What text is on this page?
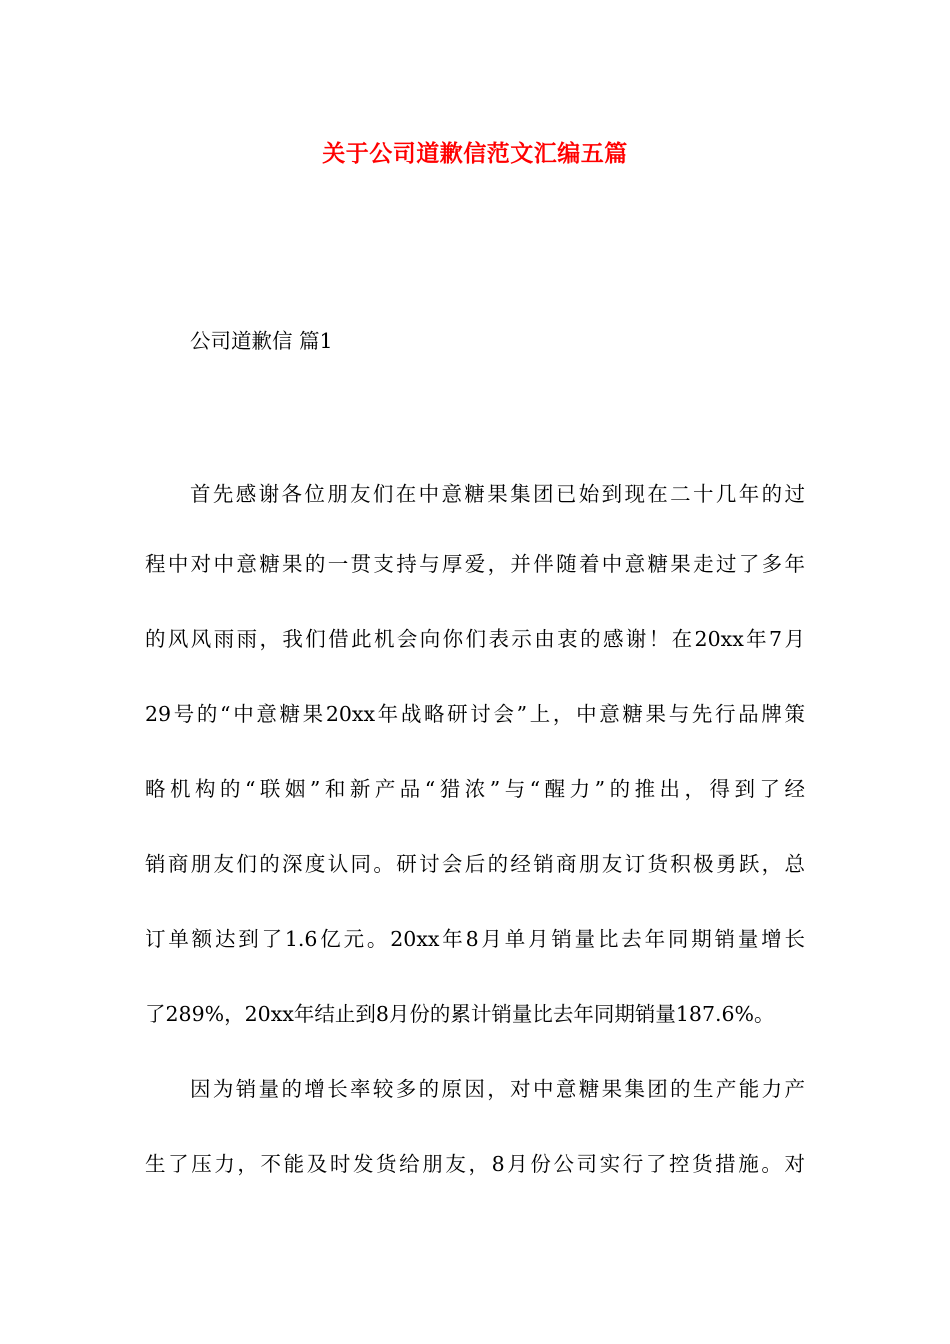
关于公司道歉信范文汇编五篇
公司道歉信 篇1
首先感谢各位朋友们在中意糖果集团已始到现在二十几年的过
程中对中意糖果的一贯支持与厚爱，并伴随着中意糖果走过了多年
的风风雨雨，我们借此机会向你们表示由衷的感谢！在20xx年7月
29号的“中意糖果20xx年战略研讨会”上，中意糖果与先行品牌策
略机构的“联姻”和新产品“猎浓”与“醒力”的推出，得到了经
销商朋友们的深度认同。研讨会后的经销商朋友订货积极勇跃，总
订单额达到了1.6亿元。20xx年8月单月销量比去年同期销量增长
了289%，20xx年结止到8月份的累计销量比去年同期销量187.6%。
因为销量的增长率较多的原因，对中意糖果集团的生产能力产
生了压力，不能及时发货给朋友，8月份公司实行了控货措施。对
